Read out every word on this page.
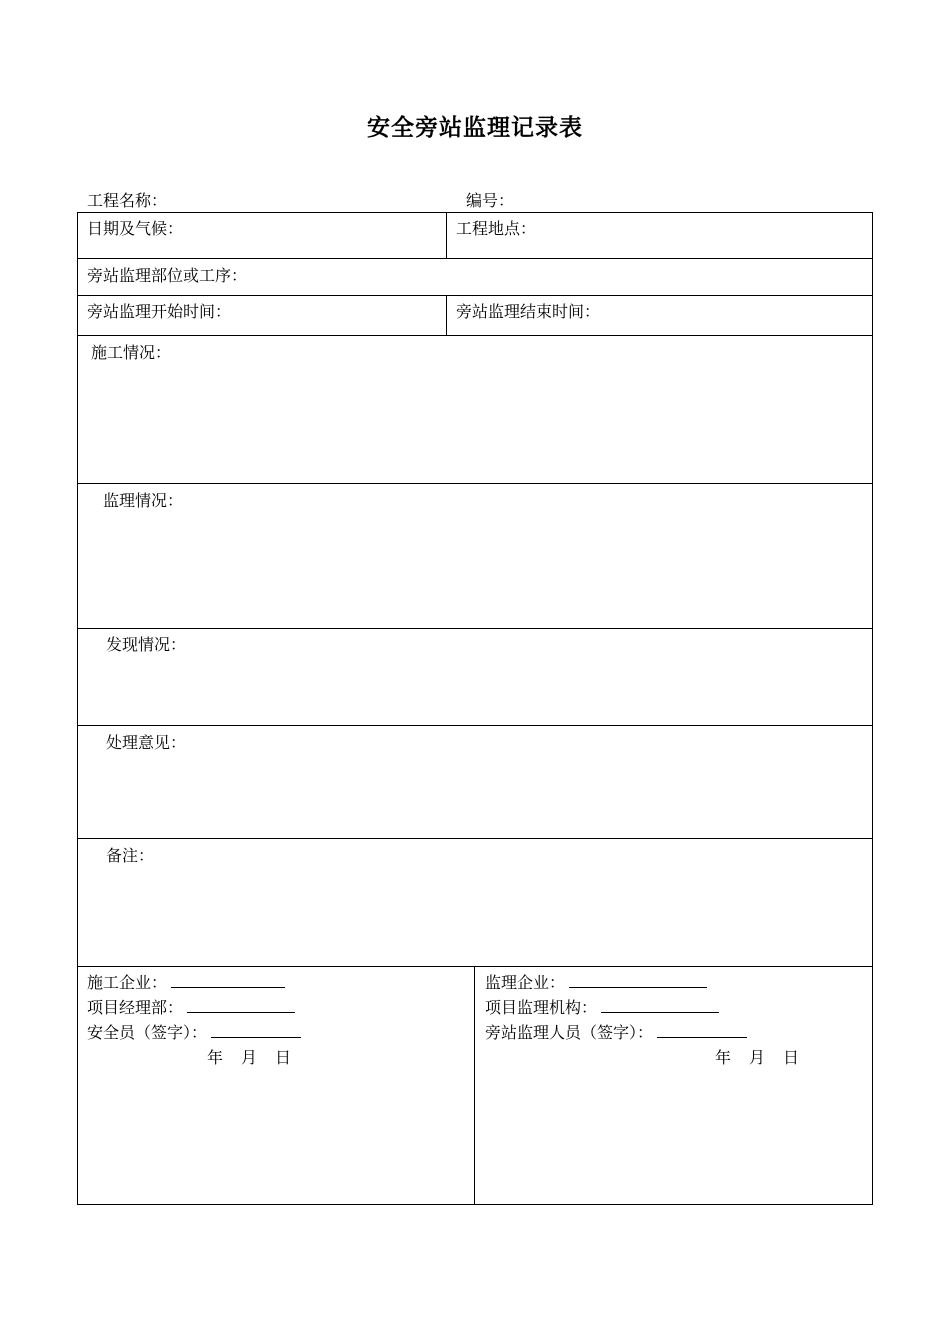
安全旁站监理记录表
工程名称：	编号：
日期及气候：	工程地点：
旁站监理部位或工序：
旁站监理开始时间：	旁站监理结束时间：
施工情况：
监理情况：
发现情况：
处理意见：
备注：
施工企业：
项目经理部：
安全员（签字）：
年 月 日
监理企业：
项目监理机构：
旁站监理人员（签字）：
年 月 日
